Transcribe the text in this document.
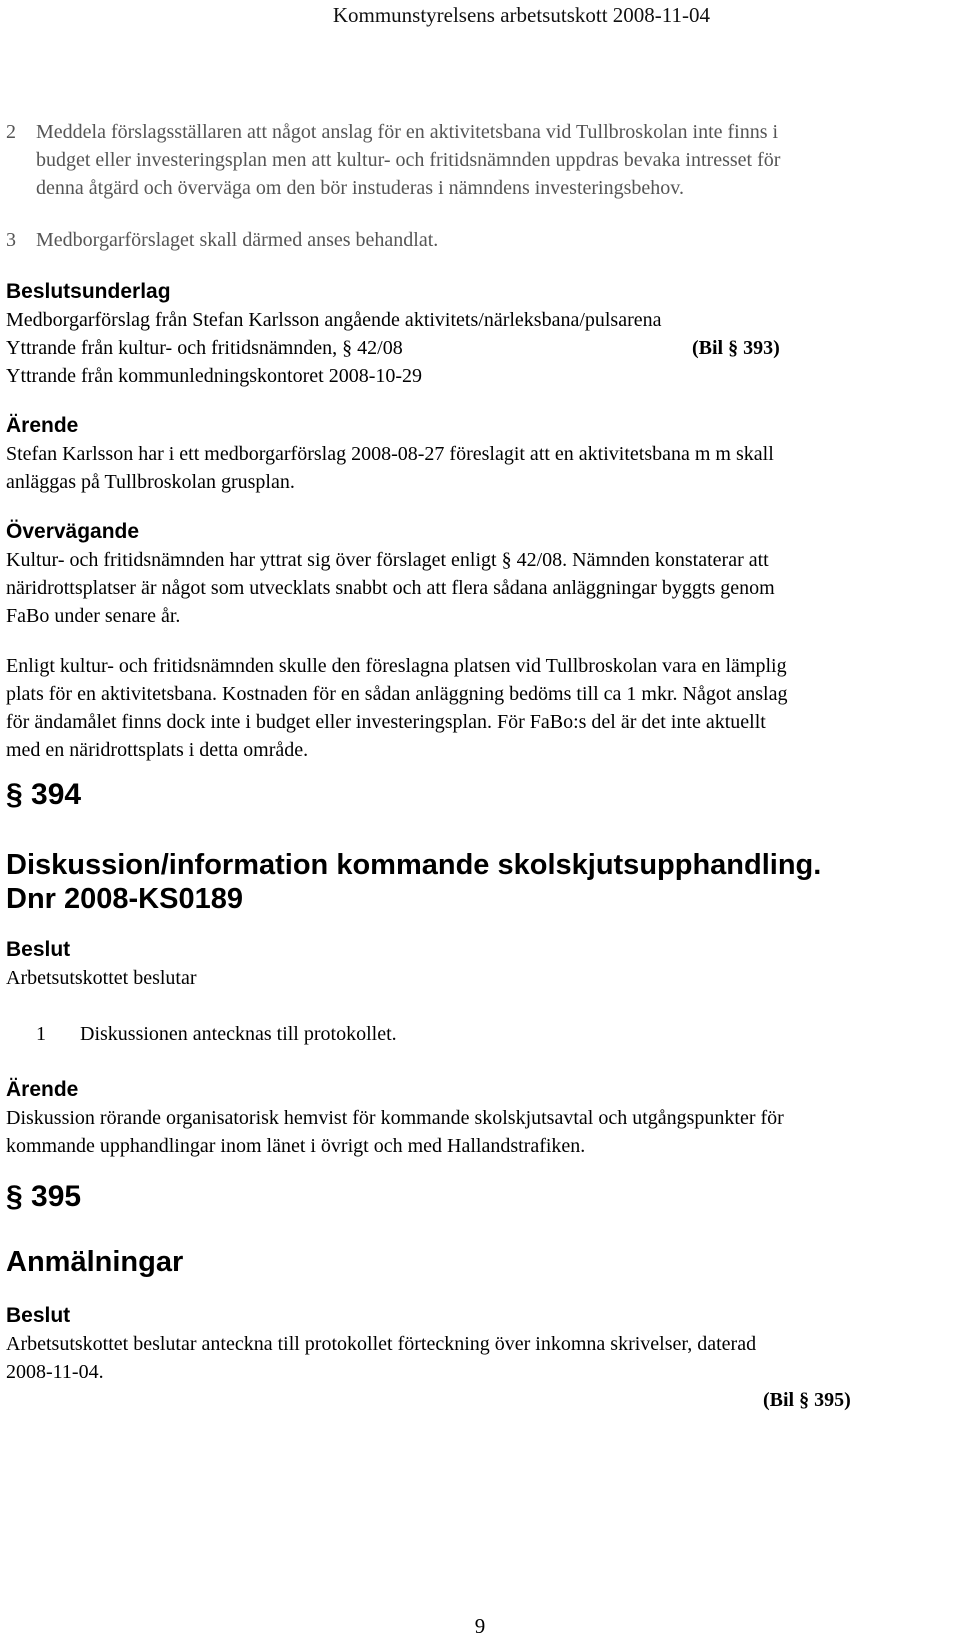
Kommunstyrelsens arbetsutskott 2008-11-04
2 Meddela förslagsställaren att något anslag för en aktivitetsbana vid Tullbroskolan inte finns i
budget eller investeringsplan men att kultur- och fritidsnämnden uppdras bevaka intresset för
denna åtgärd och överväga om den bör instuderas i nämndens investeringsbehov.
3 Medborgarförslaget skall därmed anses behandlat.
Beslutsunderlag
Medborgarförslag från Stefan Karlsson angående aktivitets/närleksbana/pulsarena
Yttrande från kultur- och fritidsnämnden, § 42/08	(Bil § 393)
Yttrande från kommunledningskontoret 2008-10-29
Ärende
Stefan Karlsson har i ett medborgarförslag 2008-08-27 föreslagit att en aktivitetsbana m m skall
anläggas på Tullbroskolan grusplan.
Övervägande
Kultur- och fritidsnämnden har yttrat sig över förslaget enligt § 42/08. Nämnden konstaterar att
näridrottsplatser är något som utvecklats snabbt och att flera sådana anläggningar byggts genom
FaBo under senare år.
Enligt kultur- och fritidsnämnden skulle den föreslagna platsen vid Tullbroskolan vara en lämplig
plats för en aktivitetsbana. Kostnaden för en sådan anläggning bedöms till ca 1 mkr. Något anslag
för ändamålet finns dock inte i budget eller investeringsplan. För FaBo:s del är det inte aktuellt
med en näridrottsplats i detta område.
§ 394
Diskussion/information kommande skolskjutsupphandling.
Dnr 2008-KS0189
Beslut
Arbetsutskottet beslutar
1 Diskussionen antecknas till protokollet.
Ärende
Diskussion rörande organisatorisk hemvist för kommande skolskjutsavtal och utgångspunkter för
kommande upphandlingar inom länet i övrigt och med Hallandstrafiken.
§ 395
Anmälningar
Beslut
Arbetsutskottet beslutar anteckna till protokollet förteckning över inkomna skrivelser, daterad
2008-11-04.
(Bil § 395)
9
